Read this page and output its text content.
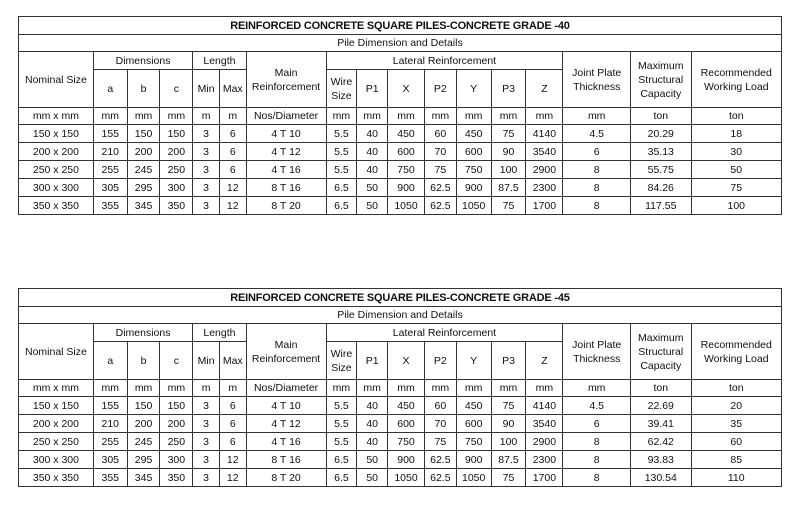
REINFORCED CONCRETE SQUARE PILES-CONCRETE GRADE -40																
Pile Dimension and Details																
Nominal Size	Dimensions			Length		Main Reinforcement	Lateral Reinforcement							Joint Plate Thickness	Maximum Structural Capacity	Recommended Working Load
	a	b	c	Min	Max		Wire Size	P1	X	P2	Y	P3	Z			
mm x mm	mm	mm	mm	m	m	Nos/Diameter	mm	mm	mm	mm	mm	mm	mm	mm	ton	ton
150 x 150	155	150	150	3	6	4 T 10	5.5	40	450	60	450	75	4140	4.5	20.29	18
200 x 200	210	200	200	3	6	4 T 12	5.5	40	600	70	600	90	3540	6	35.13	30
250 x 250	255	245	250	3	6	4 T 16	5.5	40	750	75	750	100	2900	8	55.75	50
300 x 300	305	295	300	3	12	8 T 16	6.5	50	900	62.5	900	87.5	2300	8	84.26	75
350 x 350	355	345	350	3	12	8 T 20	6.5	50	1050	62.5	1050	75	1700	8	117.55	100
REINFORCED CONCRETE SQUARE PILES-CONCRETE GRADE -45																
Pile Dimension and Details																
Nominal Size	Dimensions			Length		Main Reinforcement	Lateral Reinforcement							Joint Plate Thickness	Maximum Structural Capacity	Recommended Working Load
	a	b	c	Min	Max		Wire Size	P1	X	P2	Y	P3	Z			
mm x mm	mm	mm	mm	m	m	Nos/Diameter	mm	mm	mm	mm	mm	mm	mm	mm	ton	ton
150 x 150	155	150	150	3	6	4 T 10	5.5	40	450	60	450	75	4140	4.5	22.69	20
200 x 200	210	200	200	3	6	4 T 12	5.5	40	600	70	600	90	3540	6	39.41	35
250 x 250	255	245	250	3	6	4 T 16	5.5	40	750	75	750	100	2900	8	62.42	60
300 x 300	305	295	300	3	12	8 T 16	6.5	50	900	62.5	900	87.5	2300	8	93.83	85
350 x 350	355	345	350	3	12	8 T 20	6.5	50	1050	62.5	1050	75	1700	8	130.54	110
